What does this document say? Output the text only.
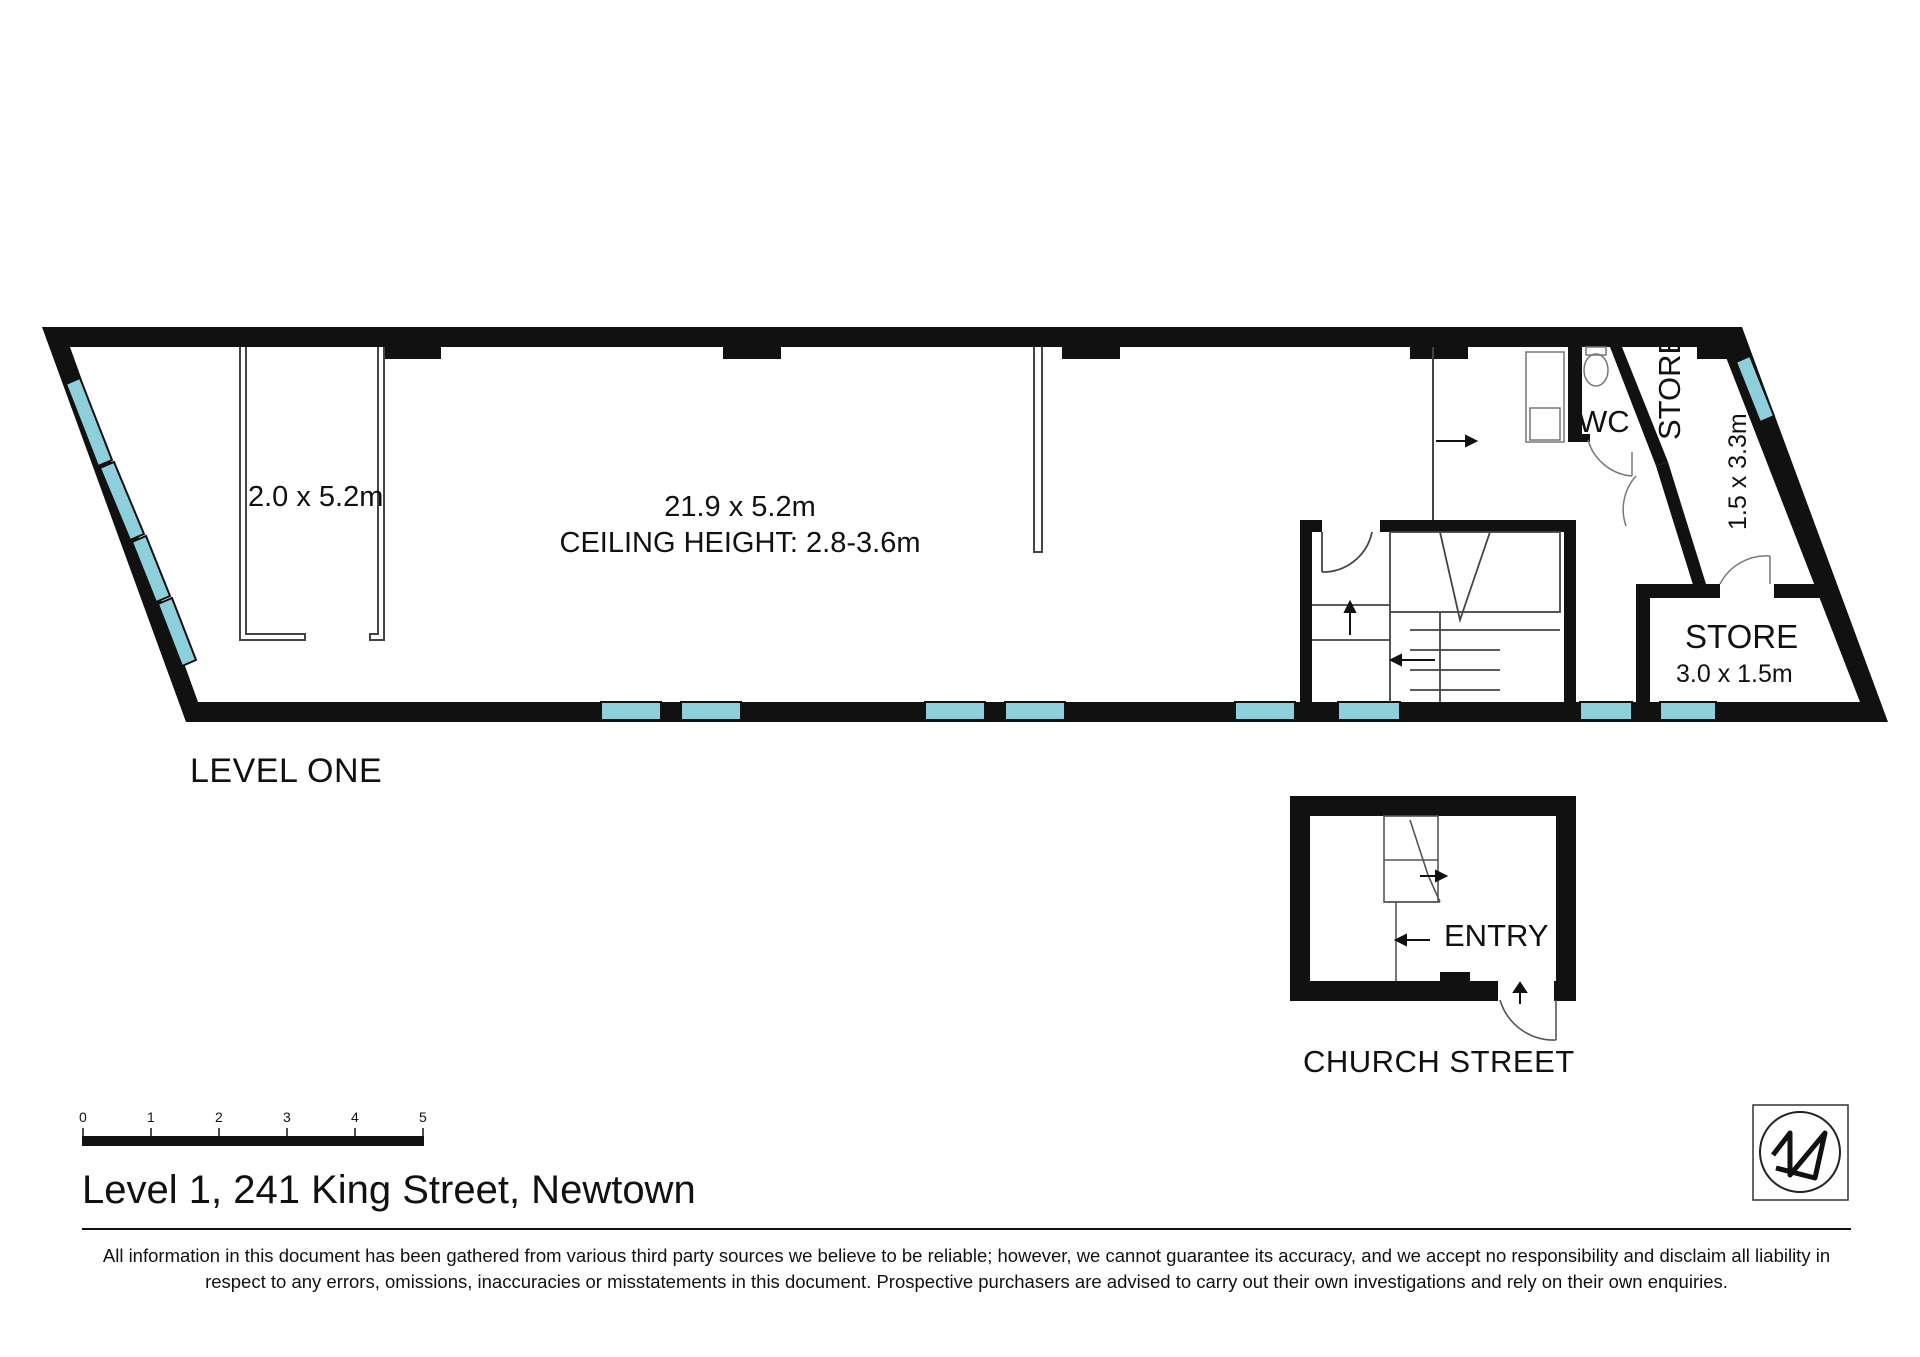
2.0 x 5.2m	21.9 x 5.2m
CEILING HEIGHT: 2.8-3.6m
WC STORE
1.5 x 3.3m
STORE
3.0 x 1.5m
ENTRY
LEVEL ONE
CHURCH STREET
0	1	2	3	4	5
Level 1, 241 King Street, Newtown
All information in this document has been gathered from various third party sources we believe to be reliable; however, we cannot guarantee its accuracy, and we accept no responsibility and disclaim all liability in respect to any errors, omissions, inaccuracies or misstatements in this document. Prospective purchasers are advised to carry out their own investigations and rely on their own enquiries.
